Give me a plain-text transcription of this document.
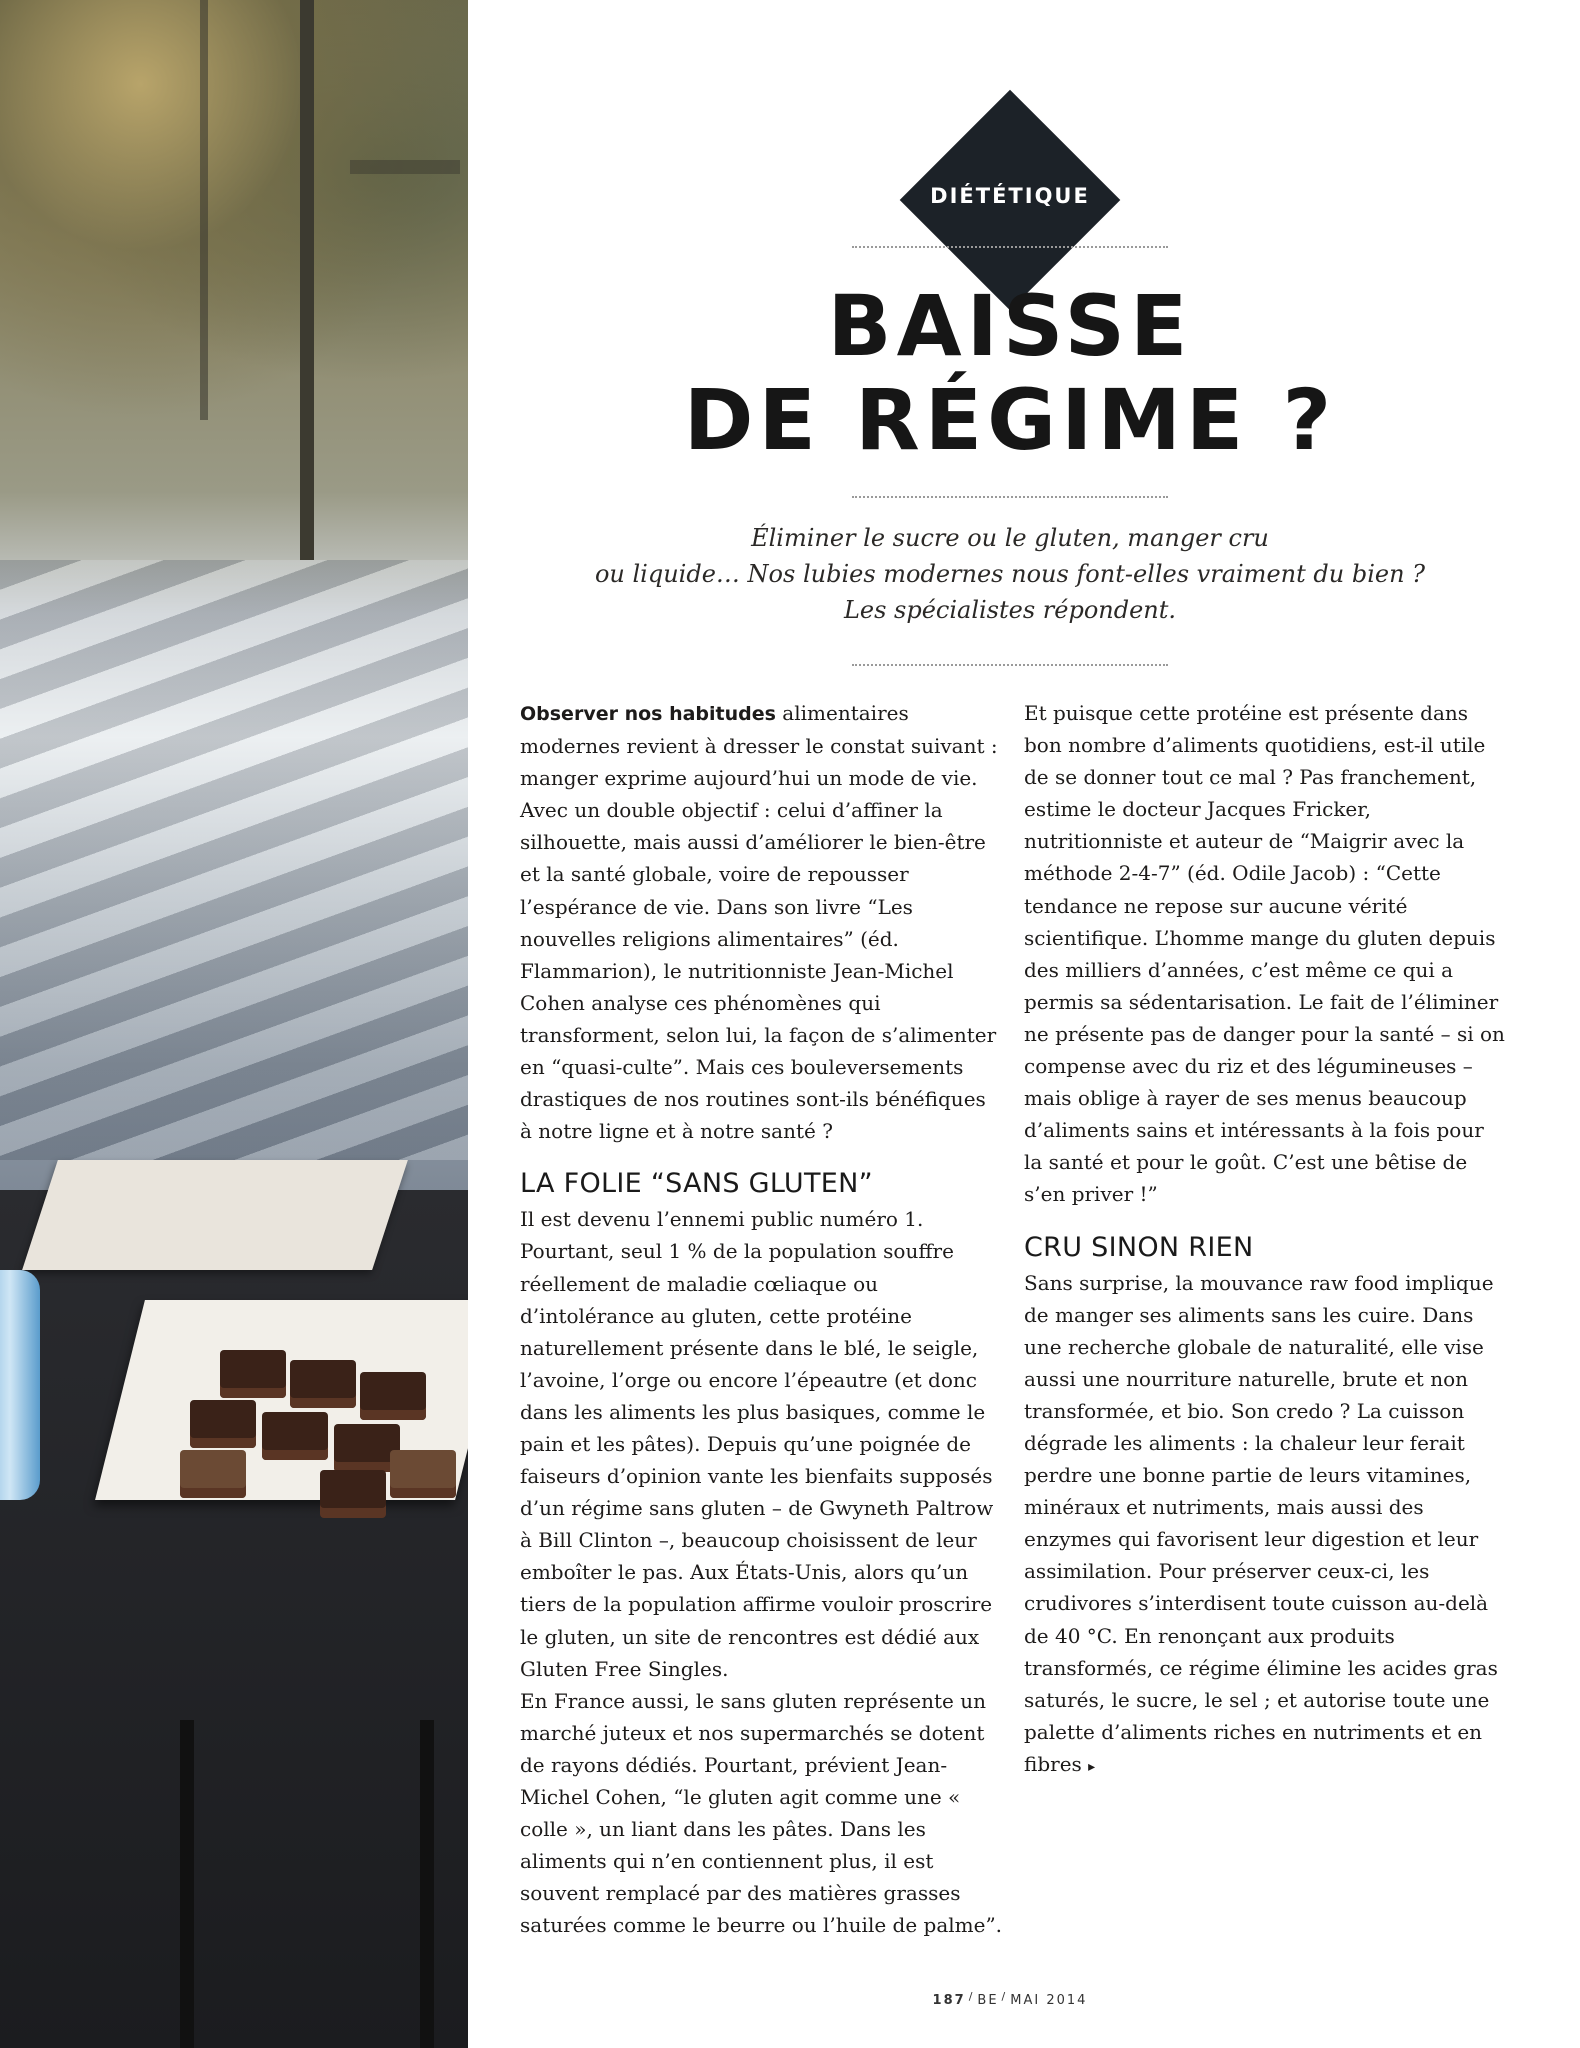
DIÉTÉTIQUE
BAISSE
DE RÉGIME ?
Éliminer le sucre ou le gluten, manger cru
ou liquide… Nos lubies modernes nous font-elles vraiment du bien ?
Les spécialistes répondent.

Observer nos habitudes alimentaires modernes revient à dresser le constat suivant : manger exprime aujourd’hui un mode de vie. Avec un double objectif : celui d’affiner la silhouette, mais aussi d’améliorer le bien-être et la santé globale, voire de repousser l’espérance de vie. Dans son livre “Les nouvelles religions alimentaires” (éd. Flammarion), le nutritionniste Jean-Michel Cohen analyse ces phénomènes qui transforment, selon lui, la façon de s’alimenter en “quasi-culte”. Mais ces bouleversements drastiques de nos routines sont-ils bénéfiques à notre ligne et à notre santé ?

LA FOLIE “SANS GLUTEN”

Il est devenu l’ennemi public numéro 1. Pourtant, seul 1 % de la population souffre réellement de maladie cœliaque ou d’intolérance au gluten, cette protéine naturellement présente dans le blé, le seigle, l’avoine, l’orge ou encore l’épeautre (et donc dans les aliments les plus basiques, comme le pain et les pâtes). Depuis qu’une poignée de faiseurs d’opinion vante les bienfaits supposés d’un régime sans gluten – de Gwyneth Paltrow à Bill Clinton –, beaucoup choisissent de leur emboîter le pas. Aux États-Unis, alors qu’un tiers de la population affirme vouloir proscrire le gluten, un site de rencontres est dédié aux Gluten Free Singles.

En France aussi, le sans gluten représente un marché juteux et nos supermarchés se dotent de rayons dédiés. Pourtant, prévient Jean-Michel Cohen, “le gluten agit comme une « colle », un liant dans les pâtes. Dans les aliments qui n’en contiennent plus, il est souvent remplacé par des matières grasses saturées comme le beurre ou l’huile de palme”.

Et puisque cette protéine est présente dans bon nombre d’aliments quotidiens, est-il utile de se donner tout ce mal ? Pas franchement, estime le docteur Jacques Fricker, nutritionniste et auteur de “Maigrir avec la méthode 2-4-7” (éd. Odile Jacob) : “Cette tendance ne repose sur aucune vérité scientifique. L’homme mange du gluten depuis des milliers d’années, c’est même ce qui a permis sa sédentarisation. Le fait de l’éliminer ne présente pas de danger pour la santé – si on compense avec du riz et des légumineuses – mais oblige à rayer de ses menus beaucoup d’aliments sains et intéressants à la fois pour la santé et pour le goût. C’est une bêtise de s’en priver !”

CRU SINON RIEN

Sans surprise, la mouvance raw food implique de manger ses aliments sans les cuire. Dans une recherche globale de naturalité, elle vise aussi une nourriture naturelle, brute et non transformée, et bio. Son credo ? La cuisson dégrade les aliments : la chaleur leur ferait perdre une bonne partie de leurs vitamines, minéraux et nutriments, mais aussi des enzymes qui favorisent leur digestion et leur assimilation. Pour préserver ceux-ci, les crudivores s’interdisent toute cuisson au-delà de 40 °C. En renonçant aux produits transformés, ce régime élimine les acides gras saturés, le sucre, le sel ; et autorise toute une palette d’aliments riches en nutriments et en fibres ▸

187 / BE / MAI 2014
